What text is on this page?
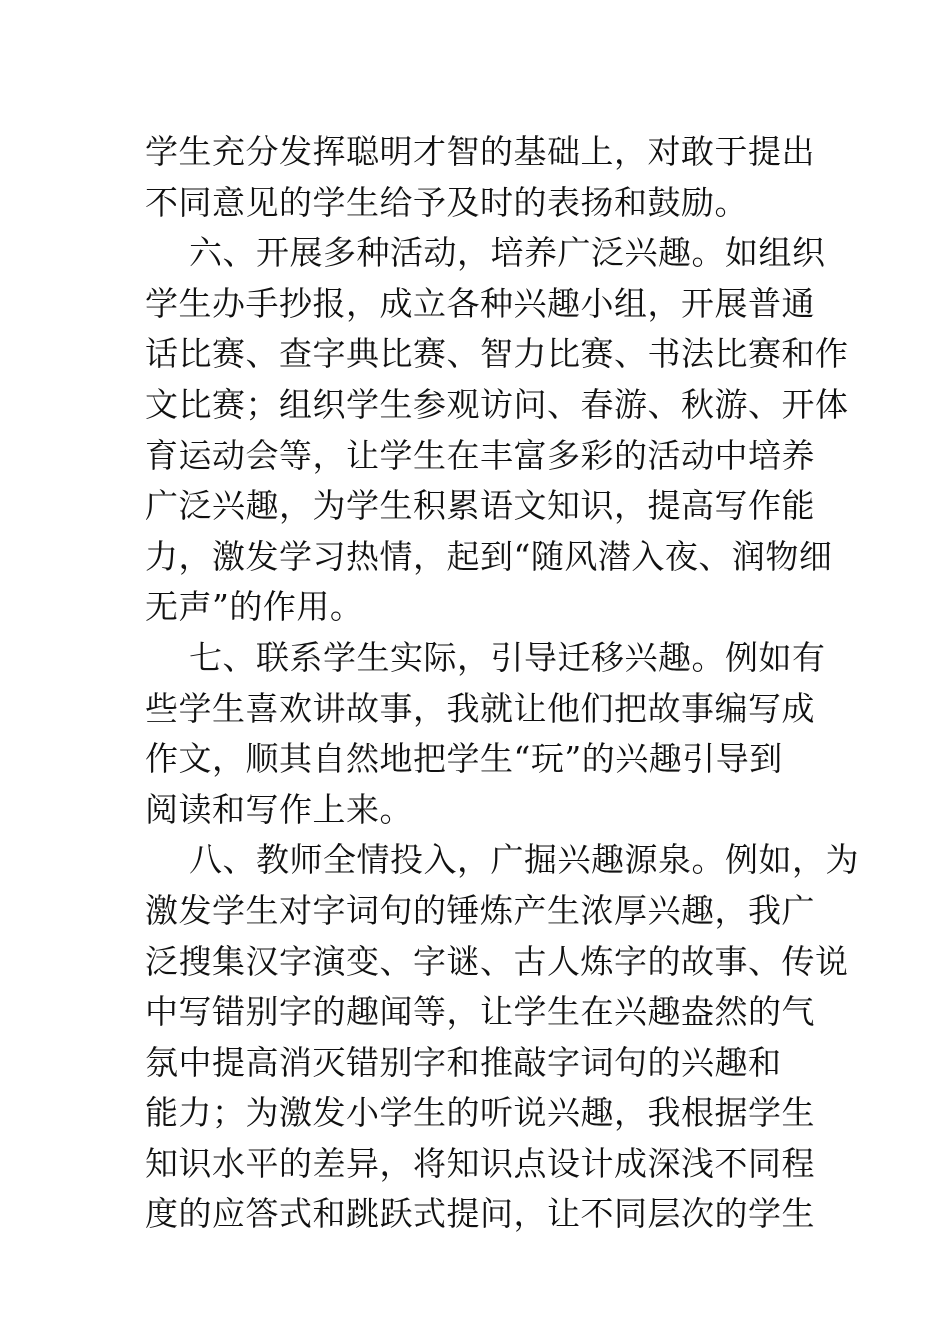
学生充分发挥聪明才智的基础上，对敢于提出
不同意见的学生给予及时的表扬和鼓励。
六、开展多种活动，培养广泛兴趣。如组织
学生办手抄报，成立各种兴趣小组，开展普通
话比赛、查字典比赛、智力比赛、书法比赛和作
文比赛；组织学生参观访问、春游、秋游、开体
育运动会等，让学生在丰富多彩的活动中培养
广泛兴趣，为学生积累语文知识，提高写作能
力，激发学习热情，起到“随风潜入夜、润物细
无声”的作用。
七、联系学生实际，引导迁移兴趣。例如有
些学生喜欢讲故事，我就让他们把故事编写成
作文，顺其自然地把学生“玩”的兴趣引导到
阅读和写作上来。
八、教师全情投入，广掘兴趣源泉。例如，为
激发学生对字词句的锤炼产生浓厚兴趣，我广
泛搜集汉字演变、字谜、古人炼字的故事、传说
中写错别字的趣闻等，让学生在兴趣盎然的气
氛中提高消灭错别字和推敲字词句的兴趣和
能力；为激发小学生的听说兴趣，我根据学生
知识水平的差异，将知识点设计成深浅不同程
度的应答式和跳跃式提问，让不同层次的学生
